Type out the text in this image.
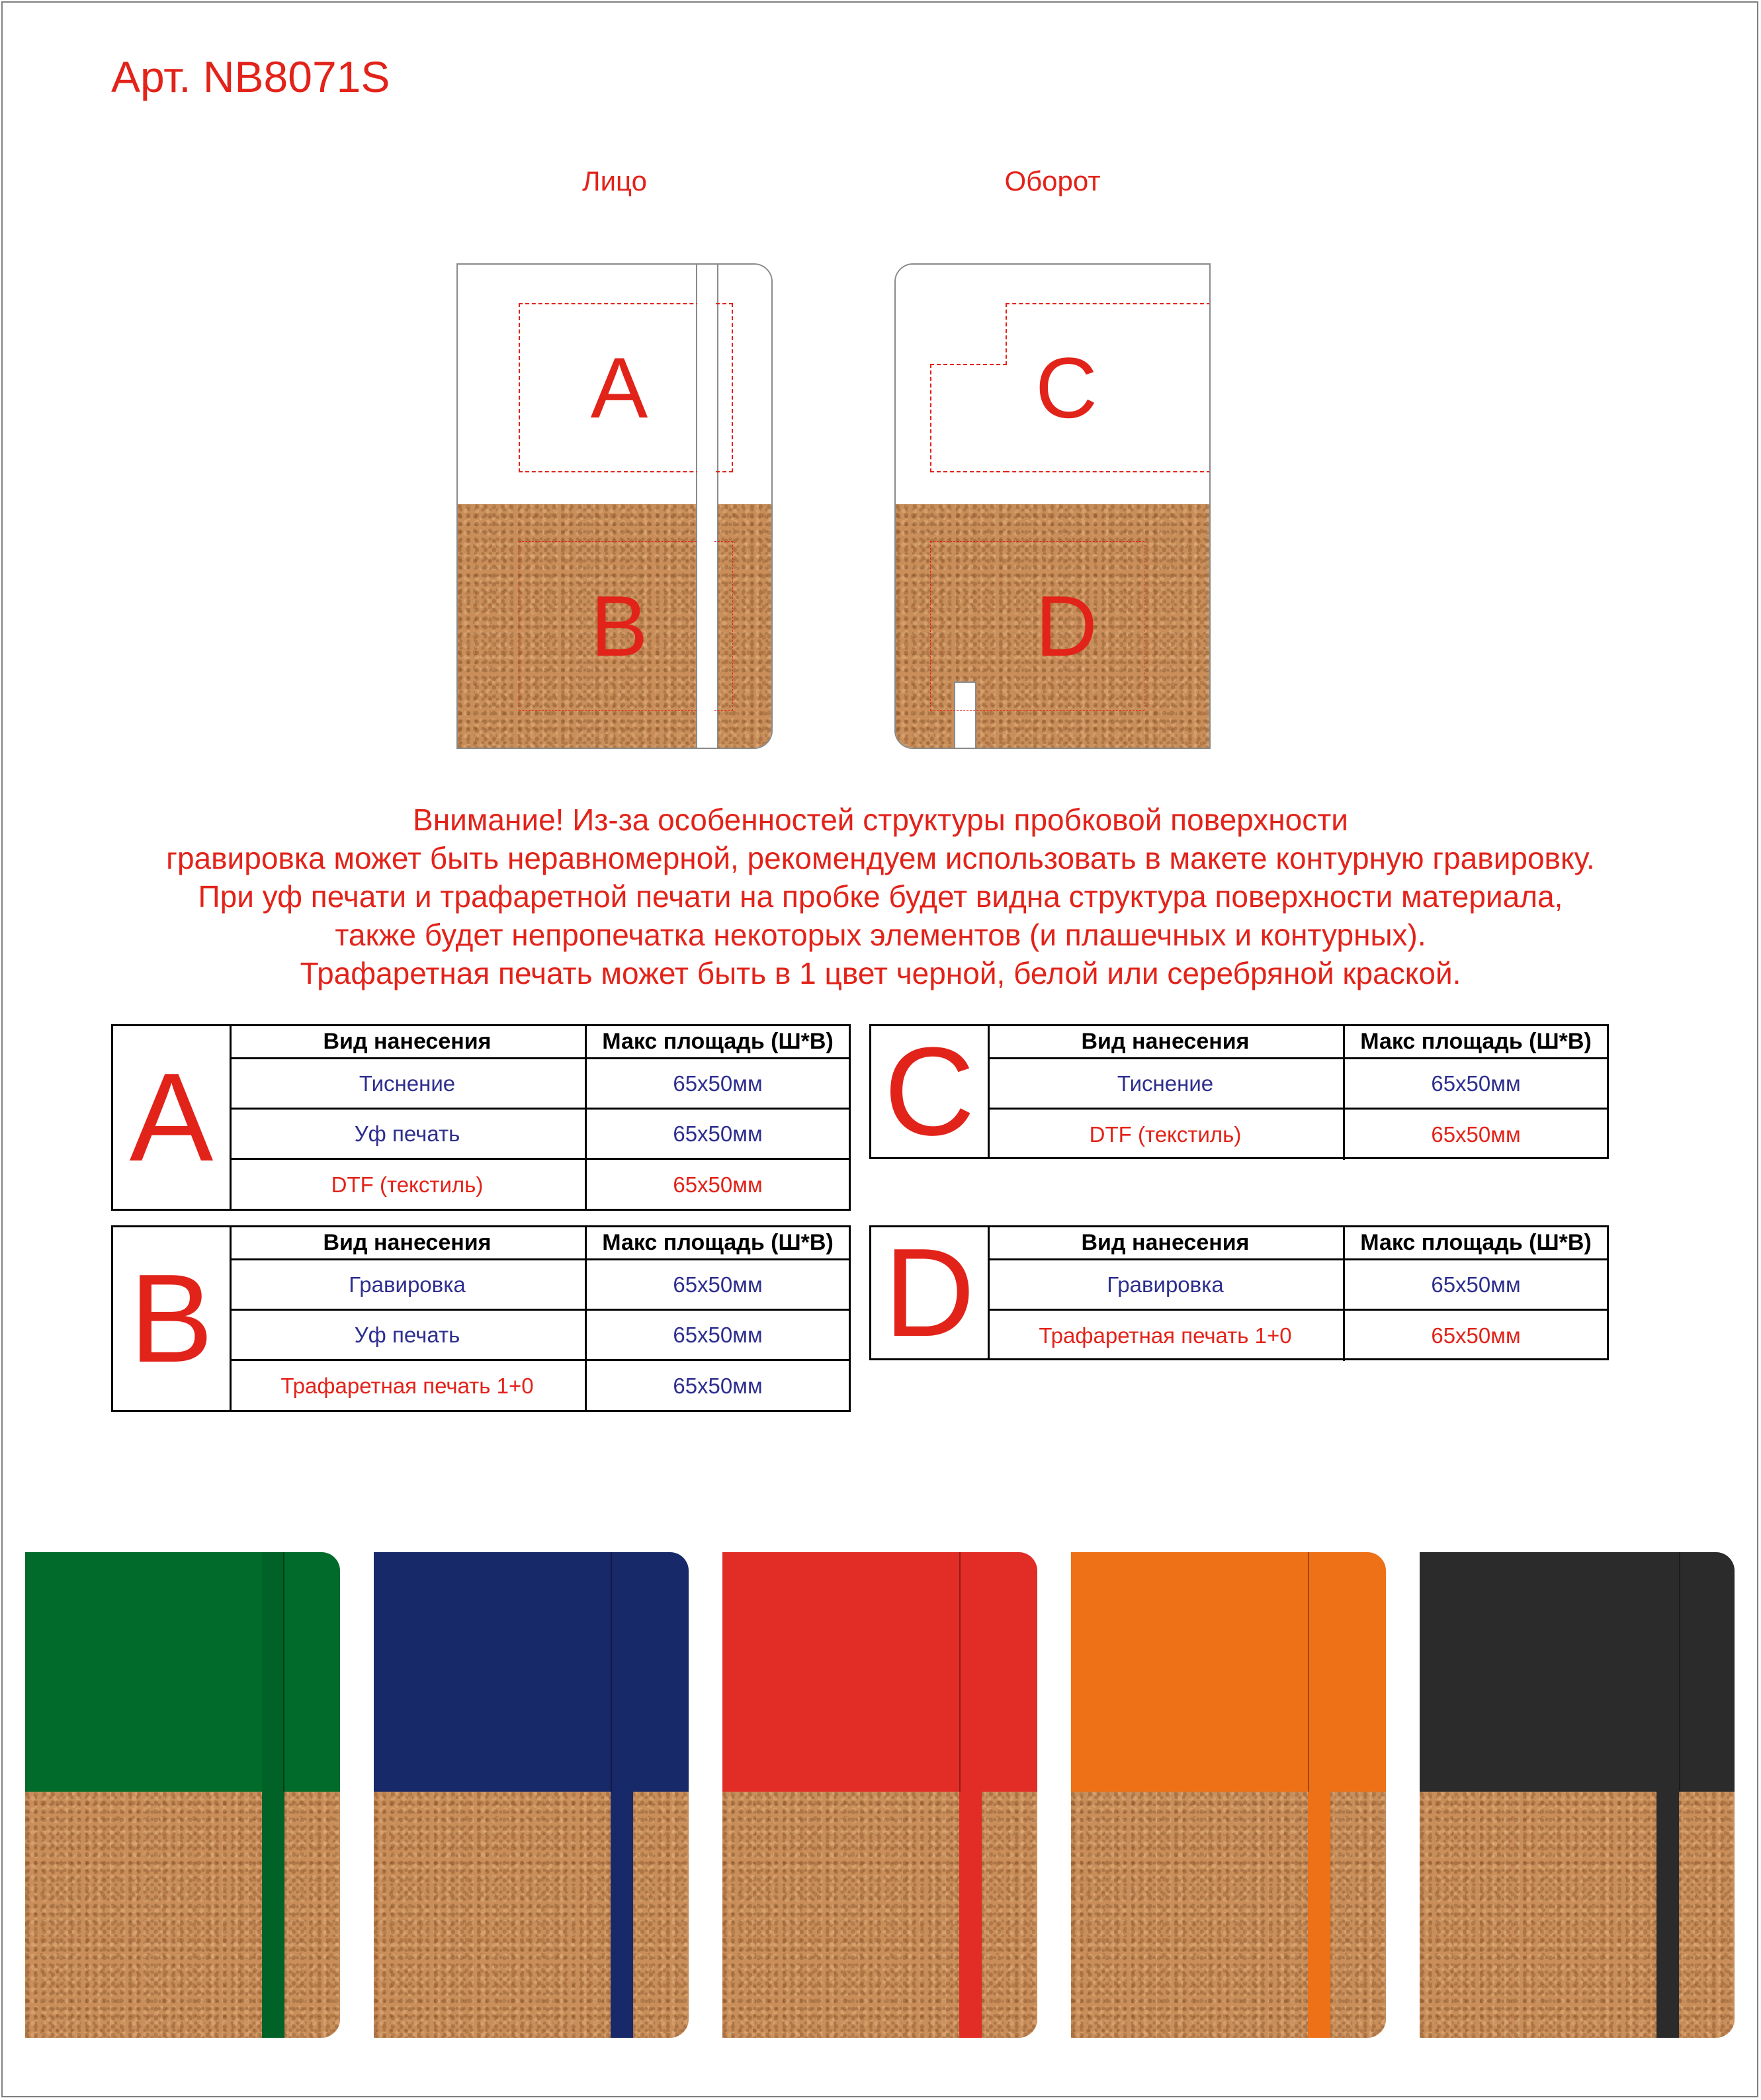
Арт. NB8071S
Лицо	Оборот
A
B
C
D
Внимание! Из-за особенностей структуры пробковой поверхности
гравировка может быть неравномерной, рекомендуем использовать в макете контурную гравировку.
При уф печати и трафаретной печати на пробке будет видна структура поверхности материала,
также будет непропечатка некоторых элементов (и плашечных и контурных).
Трафаретная печать может быть в 1 цвет черной, белой или серебряной краской.
A
Вид нанесения	Макс площадь (Ш*В)
Тиснение	65x50мм
Уф печать	65x50мм
DTF (текстиль)	65x50мм
C	Вид нанесения	Макс площадь (Ш*В)
Тиснение	65x50мм
DTF (текстиль)	65x50мм
B
Вид нанесения	Макс площадь (Ш*В)
Гравировка	65x50мм
Уф печать	65x50мм
Трафаретная печать 1+0	65x50мм
D	Вид нанесения	Макс площадь (Ш*В)
Гравировка	65x50мм
Трафаретная печать 1+0	65x50мм
